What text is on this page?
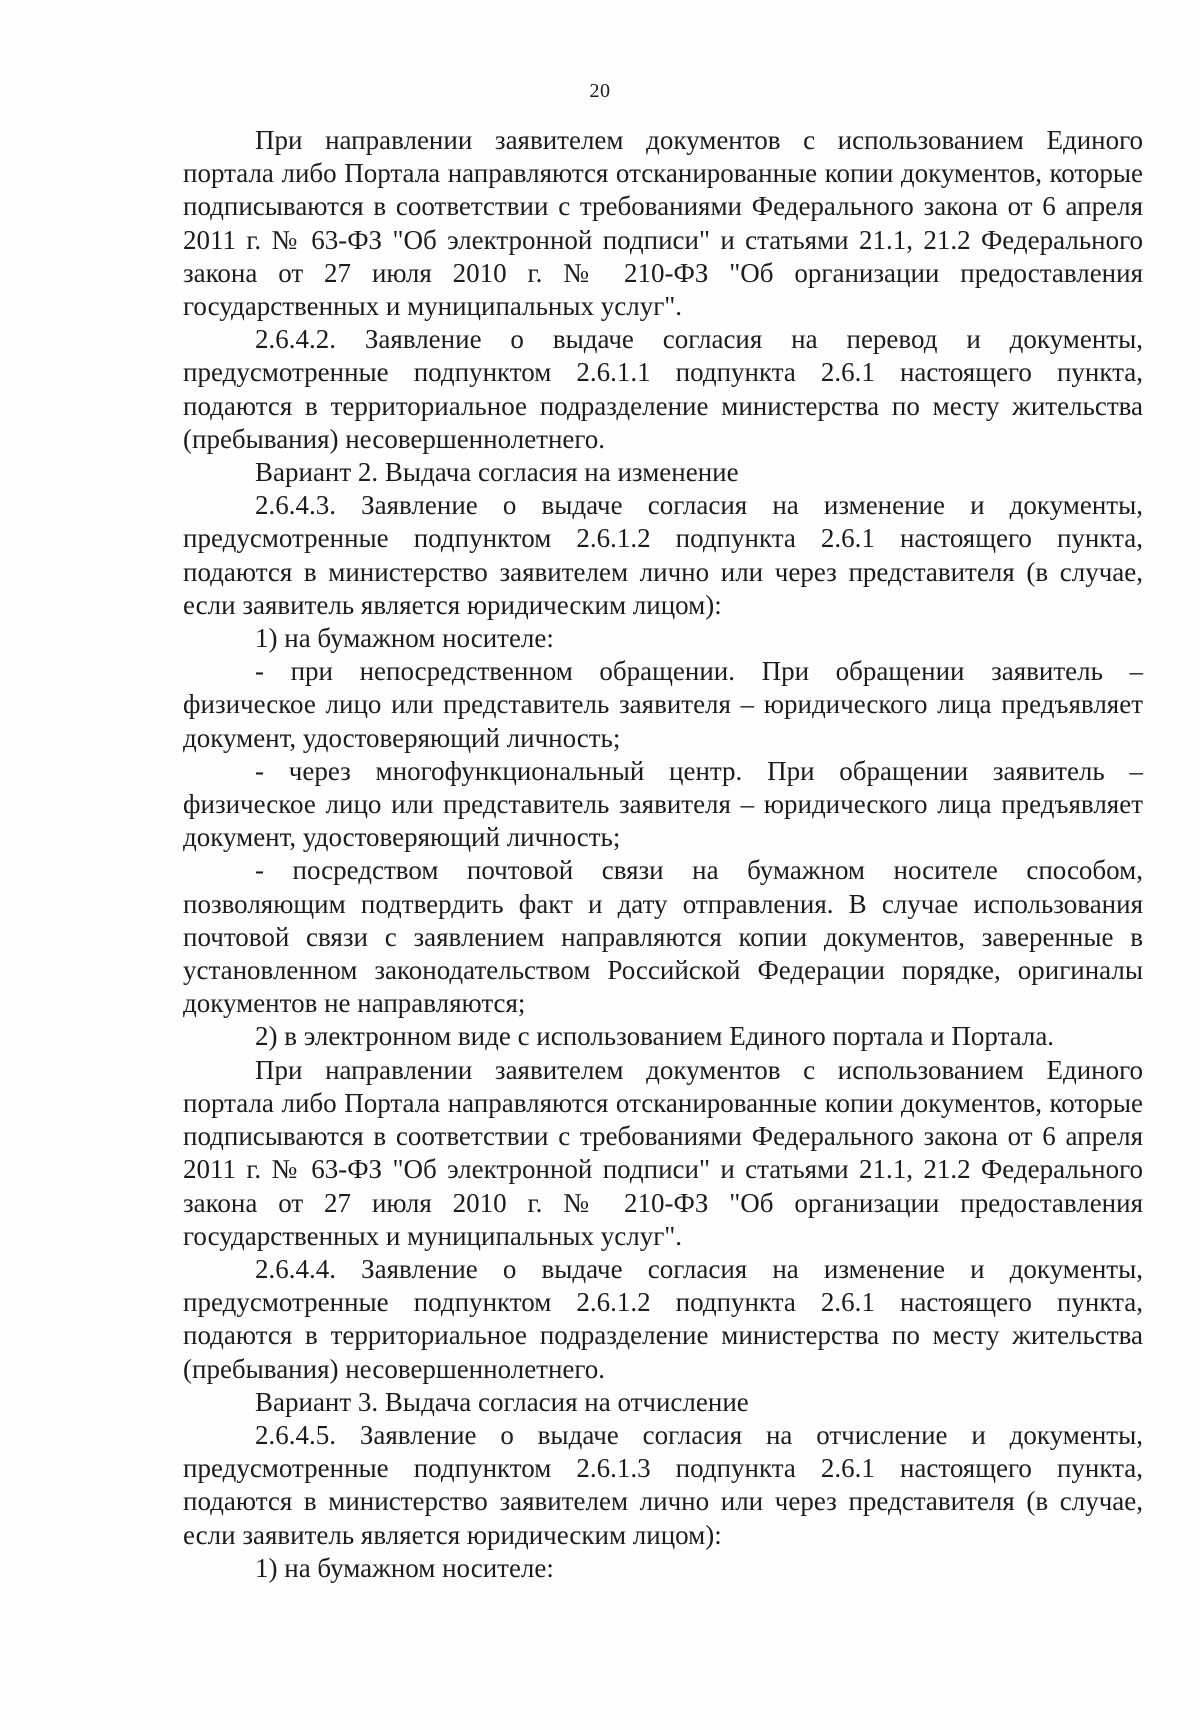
20

При направлении заявителем документов с использованием Единого портала либо Портала направляются отсканированные копии документов, которые подписываются в соответствии с требованиями Федерального закона от 6 апреля 2011 г. № 63-ФЗ "Об электронной подписи" и статьями 21.1, 21.2 Федерального закона от 27 июля 2010 г. № 210-ФЗ "Об организации предоставления государственных и муниципальных услуг".

2.6.4.2. Заявление о выдаче согласия на перевод и документы, предусмотренные подпунктом 2.6.1.1 подпункта 2.6.1 настоящего пункта, подаются в территориальное подразделение министерства по месту жительства (пребывания) несовершеннолетнего.

Вариант 2. Выдача согласия на изменение

2.6.4.3. Заявление о выдаче согласия на изменение и документы, предусмотренные подпунктом 2.6.1.2 подпункта 2.6.1 настоящего пункта, подаются в министерство заявителем лично или через представителя (в случае, если заявитель является юридическим лицом):

1) на бумажном носителе:

- при непосредственном обращении. При обращении заявитель – физическое лицо или представитель заявителя – юридического лица предъявляет документ, удостоверяющий личность;

- через многофункциональный центр. При обращении заявитель – физическое лицо или представитель заявителя – юридического лица предъявляет документ, удостоверяющий личность;

- посредством почтовой связи на бумажном носителе способом, позволяющим подтвердить факт и дату отправления. В случае использования почтовой связи с заявлением направляются копии документов, заверенные в установленном законодательством Российской Федерации порядке, оригиналы документов не направляются;

2) в электронном виде с использованием Единого портала и Портала.

При направлении заявителем документов с использованием Единого портала либо Портала направляются отсканированные копии документов, которые подписываются в соответствии с требованиями Федерального закона от 6 апреля 2011 г. № 63-ФЗ "Об электронной подписи" и статьями 21.1, 21.2 Федерального закона от 27 июля 2010 г. № 210-ФЗ "Об организации предоставления государственных и муниципальных услуг".

2.6.4.4. Заявление о выдаче согласия на изменение и документы, предусмотренные подпунктом 2.6.1.2 подпункта 2.6.1 настоящего пункта, подаются в территориальное подразделение министерства по месту жительства (пребывания) несовершеннолетнего.

Вариант 3. Выдача согласия на отчисление

2.6.4.5. Заявление о выдаче согласия на отчисление и документы, предусмотренные подпунктом 2.6.1.3 подпункта 2.6.1 настоящего пункта, подаются в министерство заявителем лично или через представителя (в случае, если заявитель является юридическим лицом):

1) на бумажном носителе:
